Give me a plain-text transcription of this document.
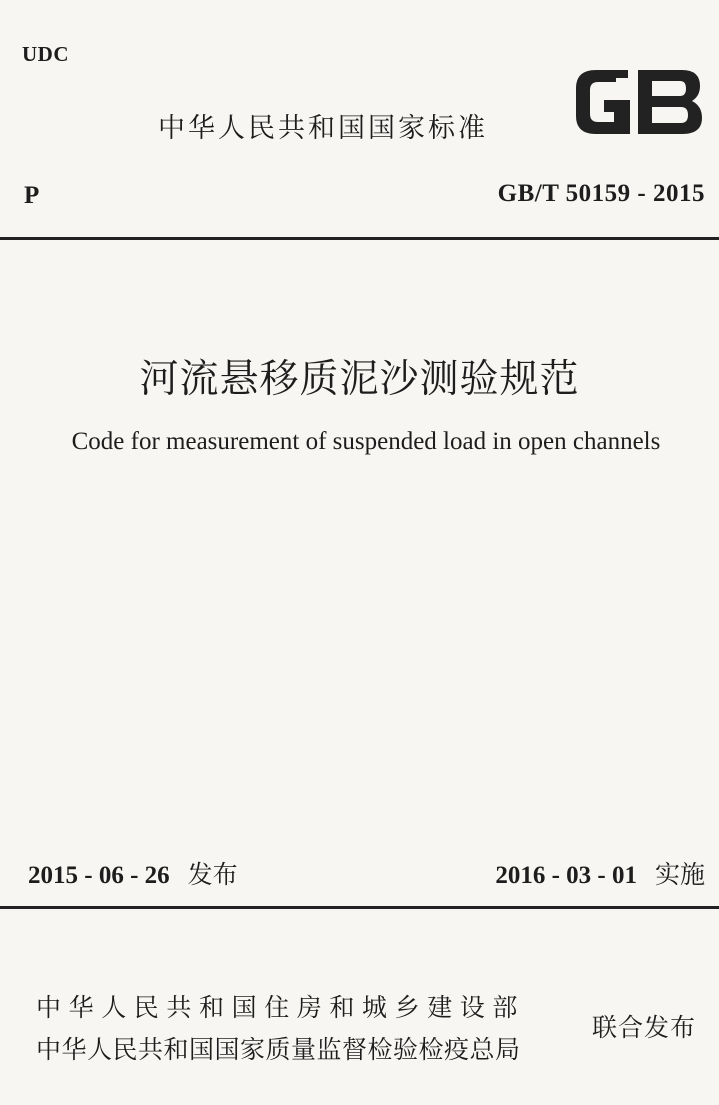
UDC
中华人民共和国国家标准
P	GB/T 50159 - 2015
河流悬移质泥沙测验规范
Code for measurement of suspended load in open channels
2015 - 06 - 26 发布	2016 - 03 - 01 实施
中华人民共和国住房和城乡建设部
中华人民共和国国家质量监督检验检疫总局
联合发布
